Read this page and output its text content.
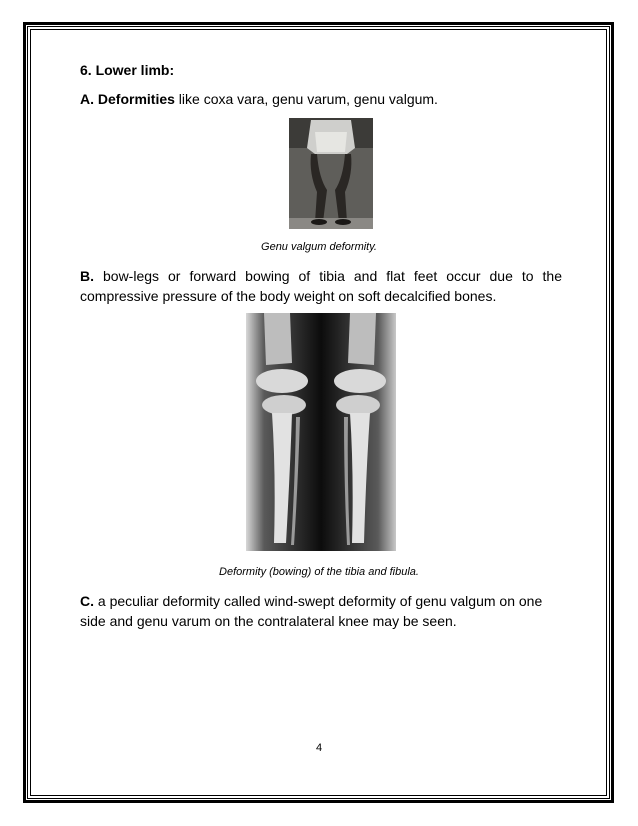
6. Lower limb:
A. Deformities like coxa vara, genu varum, genu valgum.
Genu valgum deformity.
B. bow-legs or forward bowing of tibia and flat feet occur due to the compressive pressure of the body weight on soft decalcified bones.
Deformity (bowing) of the tibia and fibula.
C. a peculiar deformity called wind-swept deformity of genu valgum on one side and genu varum on the contralateral knee may be seen.
4
